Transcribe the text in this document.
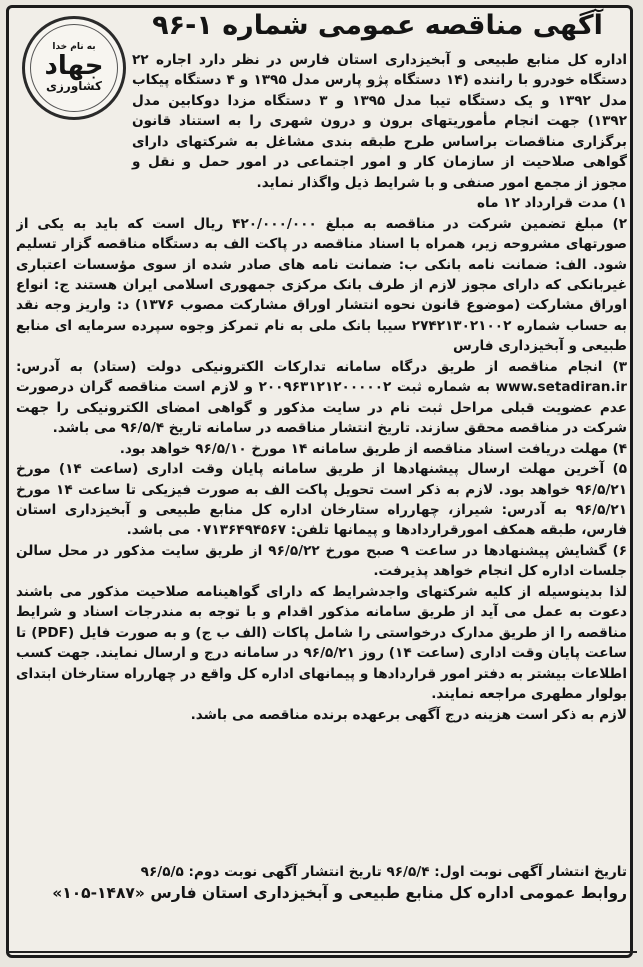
به نام خدا
جهاد
کشاورزی
آگهی مناقصه عمومی شماره ۱-۹۶

اداره کل منابع طبیعی و آبخیزداری استان فارس در نظر دارد اجاره ۲۲ دستگاه خودرو با راننده (۱۴ دستگاه پژو پارس مدل ۱۳۹۵ و ۴ دستگاه پیکاب مدل ۱۳۹۲ و یک دستگاه تیبا مدل ۱۳۹۵ و ۳ دستگاه مزدا دوکابین مدل ۱۳۹۲) جهت انجام مأموریتهای برون و درون شهری را به استناد قانون برگزاری مناقصات براساس طرح طبقه بندی مشاغل به شرکتهای دارای گواهی صلاحیت از سازمان کار و امور اجتماعی در امور حمل و نقل و مجوز از مجمع امور صنفی و با شرایط ذیل واگذار نماید.

۱) مدت قرارداد ۱۲ ماه

۲) مبلغ تضمین شرکت در مناقصه به مبلغ ۴۲۰/۰۰۰/۰۰۰ ریال است که باید به یکی از صورتهای مشروحه زیر، همراه با اسناد مناقصه در پاکت الف به دستگاه مناقصه گزار تسلیم شود. الف: ضمانت نامه بانکی ب: ضمانت نامه های صادر شده از سوی مؤسسات اعتباری غیربانکی که دارای مجوز لازم از طرف بانک مرکزی جمهوری اسلامی ایران هستند ج: انواع اوراق مشارکت (موضوع قانون نحوه انتشار اوراق مشارکت مصوب ۱۳۷۶) د: واریز وجه نقد به حساب شماره ۲۷۴۲۱۳۰۲۱۰۰۲ سیبا بانک ملی به نام تمرکز وجوه سپرده سرمایه ای منابع طبیعی و آبخیزداری فارس

۳) انجام مناقصه از طریق درگاه سامانه تدارکات الکترونیکی دولت (ستاد) به آدرس: www.setadiran.ir به شماره ثبت ۲۰۰۹۶۳۱۲۱۲۰۰۰۰۰۲ و لازم است مناقصه گران درصورت عدم عضویت قبلی مراحل ثبت نام در سایت مذکور و گواهی امضای الکترونیکی را جهت شرکت در مناقصه محقق سازند. تاریخ انتشار مناقصه در سامانه تاریخ ۹۶/۵/۴ می باشد.

۴) مهلت دریافت اسناد مناقصه از طریق سامانه ۱۴ مورخ ۹۶/۵/۱۰ خواهد بود.

۵) آخرین مهلت ارسال پیشنهادها از طریق سامانه پایان وقت اداری (ساعت ۱۴) مورخ ۹۶/۵/۲۱ خواهد بود. لازم به ذکر است تحویل پاکت الف به صورت فیزیکی تا ساعت ۱۴ مورخ ۹۶/۵/۲۱ به آدرس: شیراز، چهارراه ستارخان اداره کل منابع طبیعی و آبخیزداری استان فارس، طبقه همکف امورقراردادها و پیمانها تلفن: ۰۷۱۳۶۴۹۴۵۶۷ می باشد.

۶) گشایش پیشنهادها در ساعت ۹ صبح مورخ ۹۶/۵/۲۲ از طریق سایت مذکور در محل سالن جلسات اداره کل انجام خواهد پذیرفت.

لذا بدینوسیله از کلیه شرکتهای واجدشرایط که دارای گواهینامه صلاحیت مذکور می باشند دعوت به عمل می آید از طریق سامانه مذکور اقدام و با توجه به مندرجات اسناد و شرایط مناقصه را از طریق مدارک درخواستی را شامل پاکات (الف ب ج) و به صورت فایل (PDF) تا ساعت پایان وقت اداری (ساعت ۱۴) روز ۹۶/۵/۲۱ در سامانه درج و ارسال نمایند. جهت کسب اطلاعات بیشتر به دفتر امور قراردادها و پیمانهای اداره کل واقع در چهارراه ستارخان ابتدای بولوار مطهری مراجعه نمایند.

لازم به ذکر است هزینه درج آگهی برعهده برنده مناقصه می باشد.

تاریخ انتشار آگهی نوبت اول: ۹۶/۵/۴ تاریخ انتشار آگهی نوبت دوم: ۹۶/۵/۵
روابط عمومی اداره کل منابع طبیعی و آبخیزداری استان فارس «۱۰۵-۱۴۸۷»
